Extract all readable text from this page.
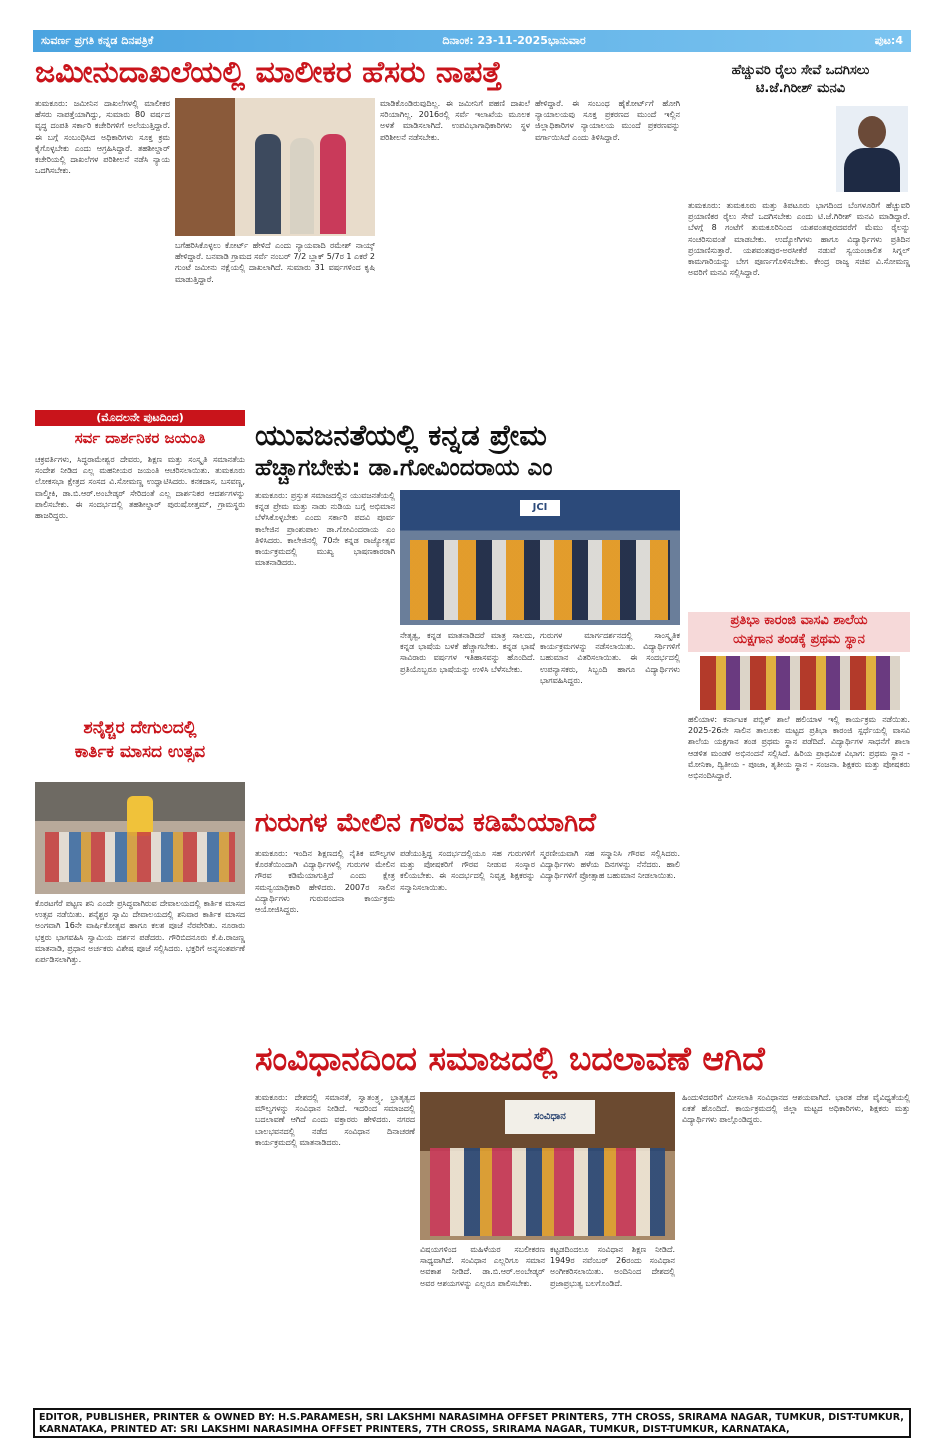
ಸುವರ್ಣ ಪ್ರಗತಿ ಕನ್ನಡ ದಿನಪತ್ರಿಕೆ	ದಿನಾಂಕ: 23-11-2025ಭಾನುವಾರ	ಪುಟ:4
ಜಮೀನುದಾಖಲೆಯಲ್ಲಿ ಮಾಲೀಕರ ಹೆಸರು ನಾಪತ್ತೆ
ತುಮಕೂರು: ಜಮೀನಿನ ದಾಖಲೆಗಳಲ್ಲಿ ಮಾಲೀಕರ ಹೆಸರು ನಾಪತ್ತೆಯಾಗಿದ್ದು, ಸುಮಾರು 80 ವರ್ಷದ ವೃದ್ಧ ದಂಪತಿ ಸರ್ಕಾರಿ ಕಚೇರಿಗಳಿಗೆ ಅಲೆಯುತ್ತಿದ್ದಾರೆ. ಈ ಬಗ್ಗೆ ಸಂಬಂಧಿಸಿದ ಅಧಿಕಾರಿಗಳು ಸೂಕ್ತ ಕ್ರಮ ಕೈಗೊಳ್ಳಬೇಕು ಎಂದು ಆಗ್ರಹಿಸಿದ್ದಾರೆ. ತಹಶೀಲ್ದಾರ್ ಕಚೇರಿಯಲ್ಲಿ ದಾಖಲೆಗಳ ಪರಿಶೀಲನೆ ನಡೆಸಿ ನ್ಯಾಯ ಒದಗಿಸಬೇಕು.
ಬಗೆಹರಿಸಿಕೊಳ್ಳಲು ಕೋರ್ಟ್ ಹೇಳಿದೆ ಎಂದು ನ್ಯಾಯವಾದಿ ರಮೇಶ್ ನಾಯ್ಕ್ ಹೇಳಿದ್ದಾರೆ. ಬನವಾಡಿ ಗ್ರಾಮದ ಸರ್ವೆ ನಂಬರ್ 7/2 ಬ್ಲಾಕ್ 5/7ರ 1 ಎಕರೆ 2 ಗುಂಟೆ ಜಮೀನು ನಕ್ಷೆಯಲ್ಲಿ ದಾಖಲಾಗಿದೆ. ಸುಮಾರು 31 ವರ್ಷಗಳಿಂದ ಕೃಷಿ ಮಾಡುತ್ತಿದ್ದಾರೆ.
ಮಾಡಿಕೊಂಡಿರುವುದಿಲ್ಲ. ಈ ಜಮೀನಿಗೆ ಪಹಣಿ ದಾಖಲೆ ಸರಿಯಾಗಿಲ್ಲ. 2016ರಲ್ಲಿ ಸರ್ವೆ ಇಲಾಖೆಯ ಮೂಲಕ ಅಳತೆ ಮಾಡಿಸಲಾಗಿದೆ. ಉಪವಿಭಾಗಾಧಿಕಾರಿಗಳು ಸ್ಥಳ ಪರಿಶೀಲನೆ ನಡೆಸಬೇಕು.
ಹೇಳಿದ್ದಾರೆ. ಈ ಸಂಬಂಧ ಹೈಕೋರ್ಟ್‌ಗೆ ಹೋಗಿ ನ್ಯಾಯಾಲಯವು ಸೂಕ್ತ ಪ್ರಕರಣದ ಮುಂದೆ ಇಲ್ಲಿನ ಜಿಲ್ಲಾಧಿಕಾರಿಗಳ ನ್ಯಾಯಾಲಯ ಮುಂದೆ ಪ್ರಕರಣವನ್ನು ವರ್ಗಾಯಿಸಿದೆ ಎಂದು ತಿಳಿಸಿದ್ದಾರೆ.
ಹೆಚ್ಚುವರಿ ರೈಲು ಸೇವೆ ಒದಗಿಸಲು
ಟಿ.ಜೆ.ಗಿರೀಶ್ ಮನವಿ
ತುಮಕೂರು: ತುಮಕೂರು ಮತ್ತು ತಿಪಟೂರು ಭಾಗದಿಂದ ಬೆಂಗಳೂರಿಗೆ ಹೆಚ್ಚುವರಿ ಪ್ರಯಾಣಿಕರ ರೈಲು ಸೇವೆ ಒದಗಿಸಬೇಕು ಎಂದು ಟಿ.ಜೆ.ಗಿರೀಶ್ ಮನವಿ ಮಾಡಿದ್ದಾರೆ. ಬೆಳಗ್ಗೆ 8 ಗಂಟೆಗೆ ತುಮಕೂರಿನಿಂದ ಯಶವಂತಪುರದವರೆಗೆ ಮೆಮು ರೈಲನ್ನು ಸಂಚರಿಸುವಂತೆ ಮಾಡಬೇಕು. ಉದ್ಯೋಗಿಗಳು ಹಾಗೂ ವಿದ್ಯಾರ್ಥಿಗಳು ಪ್ರತಿದಿನ ಪ್ರಯಾಣಿಸುತ್ತಾರೆ. ಯಶವಂತಪುರ-ಅರಸೀಕೆರೆ ನಡುವೆ ಸ್ವಯಂಚಾಲಿತ ಸಿಗ್ನಲ್ ಕಾಮಗಾರಿಯನ್ನು ಬೇಗ ಪೂರ್ಣಗೊಳಿಸಬೇಕು. ಕೇಂದ್ರ ರಾಜ್ಯ ಸಚಿವ ವಿ.ಸೋಮಣ್ಣ ಅವರಿಗೆ ಮನವಿ ಸಲ್ಲಿಸಿದ್ದಾರೆ.
(ಮೊದಲನೇ ಪುಟದಿಂದ)
ಸರ್ವ ದಾರ್ಶನಿಕರ ಜಯಂತಿ
ಚಕ್ರವರ್ತಿಗಳು, ಸಿದ್ಧರಾಮೇಶ್ವರ ದೇವರು, ಶಿಕ್ಷಣ ಮತ್ತು ಸಂಸ್ಕೃತಿ ಸಮಾನತೆಯ ಸಂದೇಶ ನೀಡಿದ ಎಲ್ಲ ಮಹನೀಯರ ಜಯಂತಿ ಆಚರಿಸಲಾಯಿತು. ತುಮಕೂರು ಲೋಕಸಭಾ ಕ್ಷೇತ್ರದ ಸಂಸದ ವಿ.ಸೋಮಣ್ಣ ಉದ್ಘಾಟಿಸಿದರು. ಕನಕದಾಸ, ಬಸವಣ್ಣ, ವಾಲ್ಮೀಕಿ, ಡಾ.ಬಿ.ಆರ್.ಅಂಬೇಡ್ಕರ್ ಸೇರಿದಂತೆ ಎಲ್ಲ ದಾರ್ಶನಿಕರ ಆದರ್ಶಗಳನ್ನು ಪಾಲಿಸಬೇಕು. ಈ ಸಂದರ್ಭದಲ್ಲಿ ತಹಶೀಲ್ದಾರ್ ಪುರುಷೋತ್ತಮ್, ಗ್ರಾಮಸ್ಥರು ಹಾಜರಿದ್ದರು.
ಶನೈಶ್ಚರ ದೇಗುಲದಲ್ಲಿ
ಕಾರ್ತಿಕ ಮಾಸದ ಉತ್ಸವ
ಕೊರಟಗೆರೆ ಪಟ್ಟಣ ಶನಿ ಎಂದೇ ಪ್ರಸಿದ್ಧವಾಗಿರುವ ದೇವಾಲಯದಲ್ಲಿ ಕಾರ್ತಿಕ ಮಾಸದ ಉತ್ಸವ ನಡೆಯಿತು. ಶನೈಶ್ಚರ ಸ್ವಾಮಿ ದೇವಾಲಯದಲ್ಲಿ ಶನಿವಾರ ಕಾರ್ತಿಕ ಮಾಸದ ಅಂಗವಾಗಿ 16ನೇ ವಾರ್ಷಿಕೋತ್ಸವ ಹಾಗೂ ಕಲಶ ಪೂಜೆ ನೆರವೇರಿತು. ನೂರಾರು ಭಕ್ತರು ಭಾಗವಹಿಸಿ ಸ್ವಾಮಿಯ ದರ್ಶನ ಪಡೆದರು. ಗೌರಿಬಿದನೂರು ಕೆ.ಪಿ.ರಾಜಣ್ಣ ಮಾತನಾಡಿ, ಪ್ರಧಾನ ಅರ್ಚಕರು ವಿಶೇಷ ಪೂಜೆ ಸಲ್ಲಿಸಿದರು. ಭಕ್ತರಿಗೆ ಅನ್ನಸಂತರ್ಪಣೆ ಏರ್ಪಡಿಸಲಾಗಿತ್ತು.
ಯುವಜನತೆಯಲ್ಲಿ ಕನ್ನಡ ಪ್ರೇಮ
ಹೆಚ್ಚಾಗಬೇಕು: ಡಾ.ಗೋವಿಂದರಾಯ ಎಂ
ತುಮಕೂರು: ಪ್ರಸ್ತುತ ಸಮಾಜದಲ್ಲಿನ ಯುವಜನತೆಯಲ್ಲಿ ಕನ್ನಡ ಪ್ರೇಮ ಮತ್ತು ನಾಡು ನುಡಿಯ ಬಗ್ಗೆ ಅಭಿಮಾನ ಬೆಳೆಸಿಕೊಳ್ಳಬೇಕು ಎಂದು ಸರ್ಕಾರಿ ಪದವಿ ಪೂರ್ವ ಕಾಲೇಜಿನ ಪ್ರಾಂಶುಪಾಲ ಡಾ.ಗೋವಿಂದರಾಯ ಎಂ ತಿಳಿಸಿದರು. ಕಾಲೇಜಿನಲ್ಲಿ 70ನೇ ಕನ್ನಡ ರಾಜ್ಯೋತ್ಸವ ಕಾರ್ಯಕ್ರಮದಲ್ಲಿ ಮುಖ್ಯ ಭಾಷಣಕಾರರಾಗಿ ಮಾತನಾಡಿದರು.
JCI
ನೇತೃತ್ವ, ಕನ್ನಡ ಮಾತನಾಡಿದರೆ ಮಾತ್ರ ಸಾಲದು, ಕನ್ನಡ ಭಾಷೆಯ ಬಳಕೆ ಹೆಚ್ಚಾಗಬೇಕು. ಕನ್ನಡ ಭಾಷೆ ಸಾವಿರಾರು ವರ್ಷಗಳ ಇತಿಹಾಸವನ್ನು ಹೊಂದಿದೆ. ಪ್ರತಿಯೊಬ್ಬರೂ ಭಾಷೆಯನ್ನು ಉಳಿಸಿ ಬೆಳೆಸಬೇಕು.
ಗುರುಗಳ ಮಾರ್ಗದರ್ಶನದಲ್ಲಿ ಸಾಂಸ್ಕೃತಿಕ ಕಾರ್ಯಕ್ರಮಗಳನ್ನು ನಡೆಸಲಾಯಿತು. ವಿದ್ಯಾರ್ಥಿಗಳಿಗೆ ಬಹುಮಾನ ವಿತರಿಸಲಾಯಿತು. ಈ ಸಂದರ್ಭದಲ್ಲಿ ಉಪನ್ಯಾಸಕರು, ಸಿಬ್ಬಂದಿ ಹಾಗೂ ವಿದ್ಯಾರ್ಥಿಗಳು ಭಾಗವಹಿಸಿದ್ದರು.
ಪ್ರತಿಭಾ ಕಾರಂಜಿ ವಾಸವಿ ಶಾಲೆಯ
ಯಕ್ಷಗಾನ ತಂಡಕ್ಕೆ ಪ್ರಥಮ ಸ್ಥಾನ
ಹಲಿಯಾಳ: ಕರ್ನಾಟಕ ಪಬ್ಲಿಕ್ ಶಾಲೆ ಹಲಿಯಾಳ ಇಲ್ಲಿ ಕಾರ್ಯಕ್ರಮ ನಡೆಯಿತು. 2025-26ನೇ ಸಾಲಿನ ತಾಲೂಕು ಮಟ್ಟದ ಪ್ರತಿಭಾ ಕಾರಂಜಿ ಸ್ಪರ್ಧೆಯಲ್ಲಿ ವಾಸವಿ ಶಾಲೆಯ ಯಕ್ಷಗಾನ ತಂಡ ಪ್ರಥಮ ಸ್ಥಾನ ಪಡೆದಿದೆ. ವಿದ್ಯಾರ್ಥಿಗಳ ಸಾಧನೆಗೆ ಶಾಲಾ ಆಡಳಿತ ಮಂಡಳಿ ಅಭಿನಂದನೆ ಸಲ್ಲಿಸಿದೆ. ಹಿರಿಯ ಪ್ರಾಥಮಿಕ ವಿಭಾಗ: ಪ್ರಥಮ ಸ್ಥಾನ - ಮೋನಿಕಾ, ದ್ವಿತೀಯ - ಪೂಜಾ, ತೃತೀಯ ಸ್ಥಾನ - ಸಂಜನಾ. ಶಿಕ್ಷಕರು ಮತ್ತು ಪೋಷಕರು ಅಭಿನಂದಿಸಿದ್ದಾರೆ.
ಗುರುಗಳ ಮೇಲಿನ ಗೌರವ ಕಡಿಮೆಯಾಗಿದೆ
ತುಮಕೂರು: ಇಂದಿನ ಶಿಕ್ಷಣದಲ್ಲಿ ನೈತಿಕ ಮೌಲ್ಯಗಳ ಕೊರತೆಯಿಂದಾಗಿ ವಿದ್ಯಾರ್ಥಿಗಳಲ್ಲಿ ಗುರುಗಳ ಮೇಲಿನ ಗೌರವ ಕಡಿಮೆಯಾಗುತ್ತಿದೆ ಎಂದು ಕ್ಷೇತ್ರ ಸಮನ್ವಯಾಧಿಕಾರಿ ಹೇಳಿದರು. 2007ರ ಸಾಲಿನ ವಿದ್ಯಾರ್ಥಿಗಳು ಗುರುವಂದನಾ ಕಾರ್ಯಕ್ರಮ ಆಯೋಜಿಸಿದ್ದರು.
ಪಡೆಯುತ್ತಿದ್ದ ಸಂದರ್ಭದಲ್ಲಿಯೂ ಸಹ ಗುರುಗಳಿಗೆ ಮತ್ತು ಪೋಷಕರಿಗೆ ಗೌರವ ನೀಡುವ ಸಂಸ್ಕಾರ ಕಲಿಯಬೇಕು. ಈ ಸಂದರ್ಭದಲ್ಲಿ ನಿವೃತ್ತ ಶಿಕ್ಷಕರನ್ನು ಸನ್ಮಾನಿಸಲಾಯಿತು.
ಸ್ಮರಣೀಯವಾಗಿ ಸಹ ಸನ್ಮಾನಿಸಿ ಗೌರವ ಸಲ್ಲಿಸಿದರು. ವಿದ್ಯಾರ್ಥಿಗಳು ಹಳೆಯ ದಿನಗಳನ್ನು ನೆನೆದರು. ಹಾಲಿ ವಿದ್ಯಾರ್ಥಿಗಳಿಗೆ ಪ್ರೋತ್ಸಾಹ ಬಹುಮಾನ ನೀಡಲಾಯಿತು.
ಸಂವಿಧಾನದಿಂದ ಸಮಾಜದಲ್ಲಿ ಬದಲಾವಣೆ ಆಗಿದೆ
ತುಮಕೂರು: ದೇಶದಲ್ಲಿ ಸಮಾನತೆ, ಸ್ವಾತಂತ್ರ್ಯ, ಭ್ರಾತೃತ್ವದ ಮೌಲ್ಯಗಳನ್ನು ಸಂವಿಧಾನ ನೀಡಿದೆ. ಇದರಿಂದ ಸಮಾಜದಲ್ಲಿ ಬದಲಾವಣೆ ಆಗಿದೆ ಎಂದು ವಕ್ತಾರರು ಹೇಳಿದರು. ನಗರದ ಬಾಲಭವನದಲ್ಲಿ ನಡೆದ ಸಂವಿಧಾನ ದಿನಾಚರಣೆ ಕಾರ್ಯಕ್ರಮದಲ್ಲಿ ಮಾತನಾಡಿದರು.
ಸಂವಿಧಾನ
ವಿಷಯಗಳಿಂದ ಮಹಿಳೆಯರ ಸಬಲೀಕರಣ ಸಾಧ್ಯವಾಗಿದೆ. ಸಂವಿಧಾನ ಎಲ್ಲರಿಗೂ ಸಮಾನ ಅವಕಾಶ ನೀಡಿದೆ. ಡಾ.ಬಿ.ಆರ್.ಅಂಬೇಡ್ಕರ್ ಅವರ ಆಶಯಗಳನ್ನು ಎಲ್ಲರೂ ಪಾಲಿಸಬೇಕು.
ಕಟ್ಟಡದಿಂದಲೂ ಸಂವಿಧಾನ ಶಿಕ್ಷಣ ನೀಡಿದೆ. 1949ರ ನವೆಂಬರ್ 26ರಂದು ಸಂವಿಧಾನ ಅಂಗೀಕರಿಸಲಾಯಿತು. ಅಂದಿನಿಂದ ದೇಶದಲ್ಲಿ ಪ್ರಜಾಪ್ರಭುತ್ವ ಬಲಗೊಂಡಿದೆ.
ಹಿಂದುಳಿದವರಿಗೆ ಮೀಸಲಾತಿ ಸಂವಿಧಾನದ ಆಶಯವಾಗಿದೆ. ಭಾರತ ದೇಶ ವೈವಿಧ್ಯತೆಯಲ್ಲಿ ಏಕತೆ ಹೊಂದಿದೆ. ಕಾರ್ಯಕ್ರಮದಲ್ಲಿ ಜಿಲ್ಲಾ ಮಟ್ಟದ ಅಧಿಕಾರಿಗಳು, ಶಿಕ್ಷಕರು ಮತ್ತು ವಿದ್ಯಾರ್ಥಿಗಳು ಪಾಲ್ಗೊಂಡಿದ್ದರು.
EDITOR, PUBLISHER, PRINTER & OWNED BY: H.S.PARAMESH, SRI LAKSHMI NARASIMHA OFFSET PRINTERS, 7TH CROSS, SRIRAMA NAGAR, TUMKUR, DIST-TUMKUR,
KARNATAKA, PRINTED AT: SRI LAKSHMI NARASIMHA OFFSET PRINTERS, 7TH CROSS, SRIRAMA NAGAR, TUMKUR, DIST-TUMKUR, KARNATAKA,
